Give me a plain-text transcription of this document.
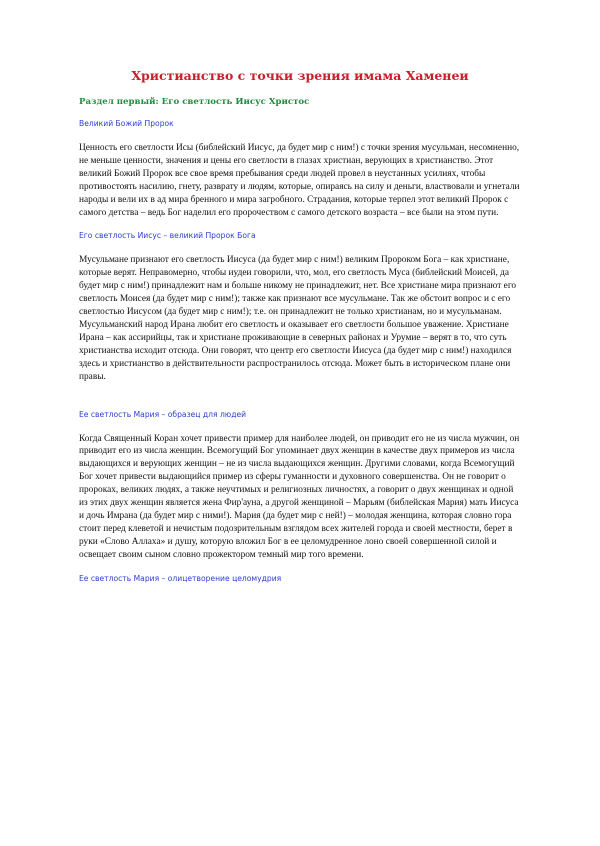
Христианство с точки зрения имама Хаменеи
Раздел первый: Его светлость Иисус Христос
Великий Божий Пророк

Ценность его светлости Исы (библейский Иисус, да будет мир с ним!) с точки зрения мусульман, несомненно, не меньше ценности, значения и цены его светлости в глазах христиан, верующих в христианство. Этот великий Божий Пророк все свое время пребывания среди людей провел в неустанных усилиях, чтобы противостоять насилию, гнету, разврату и людям, которые, опираясь на силу и деньги, властвовали и угнетали народы и вели их в ад мира бренного и мира загробного. Страдания, которые терпел этот великий Пророк с самого детства – ведь Бог наделил его пророчеством с самого детского возраста – все были на этом пути.

Его светлость Иисус – великий Пророк Бога

Мусульмане признают его светлость Иисуса (да будет мир с ним!) великим Пророком Бога – как христиане, которые верят. Неправомерно, чтобы иудеи говорили, что, мол, его светлость Муса (библейский Моисей, да будет мир с ним!) принадлежит нам и больше никому не принадлежит, нет. Все христиане мира признают его светлость Моисея (да будет мир с ним!); также как признают все мусульмане. Так же обстоит вопрос и с его светлостью Иисусом (да будет мир с ним!); т.е. он принадлежит не только христианам, но и мусульманам. Мусульманский народ Ирана любит его светлость и оказывает его светлости большое уважение. Христиане Ирана – как ассирийцы, так и христиане проживающие в северных районах и Урумие – верят в то, что суть христианства исходит отсюда. Они говорят, что центр его светлости Иисуса (да будет мир с ним!) находился здесь и христианство в действительности распространилось отсюда. Может быть в историческом плане они правы.

Ее светлость Мария – образец для людей

Когда Священный Коран хочет привести пример для наиболее людей, он приводит его не из числа мужчин, он приводит его из числа женщин. Всемогущий Бог упоминает двух женщин в качестве двух примеров из числа выдающихся и верующих женщин – не из числа выдающихся женщин. Другими словами, когда Всемогущий Бог хочет привести выдающийся пример из сферы гуманности и духовного совершенства. Он не говорит о пророках, великих людях, а также неучтимых и религиозных личностях, а говорит о двух женщинах и одной из этих двух женщин является жена Фир'ауна, а другой женщиной – Марьям (библейская Мария) мать Иисуса и дочь Имрана (да будет мир с ними!). Мария (да будет мир с ней!) – молодая женщина, которая словно гора стоит перед клеветой и нечистым подозрительным взглядом всех жителей города и своей местности, берет в руки «Слово Аллаха» и душу, которую вложил Бог в ее целомудренное лоно своей совершенной силой и освещает своим сыном словно прожектором темный мир того времени.

Ее светлость Мария – олицетворение целомудрия
